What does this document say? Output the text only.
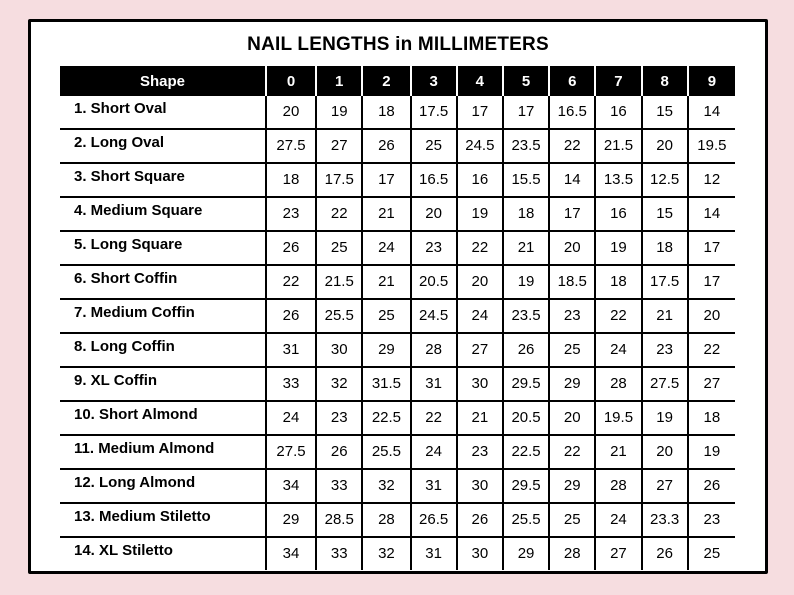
NAIL LENGTHS in MILLIMETERS
Shape	0	1	2	3	4	5	6	7	8	9
1. Short Oval	20	19	18	17.5	17	17	16.5	16	15	14
2. Long Oval	27.5	27	26	25	24.5	23.5	22	21.5	20	19.5
3. Short Square	18	17.5	17	16.5	16	15.5	14	13.5	12.5	12
4. Medium Square	23	22	21	20	19	18	17	16	15	14
5. Long Square	26	25	24	23	22	21	20	19	18	17
6. Short Coffin	22	21.5	21	20.5	20	19	18.5	18	17.5	17
7. Medium Coffin	26	25.5	25	24.5	24	23.5	23	22	21	20
8. Long Coffin	31	30	29	28	27	26	25	24	23	22
9. XL Coffin	33	32	31.5	31	30	29.5	29	28	27.5	27
10. Short Almond	24	23	22.5	22	21	20.5	20	19.5	19	18
11. Medium Almond	27.5	26	25.5	24	23	22.5	22	21	20	19
12. Long Almond	34	33	32	31	30	29.5	29	28	27	26
13. Medium Stiletto	29	28.5	28	26.5	26	25.5	25	24	23.3	23
14. XL Stiletto	34	33	32	31	30	29	28	27	26	25
